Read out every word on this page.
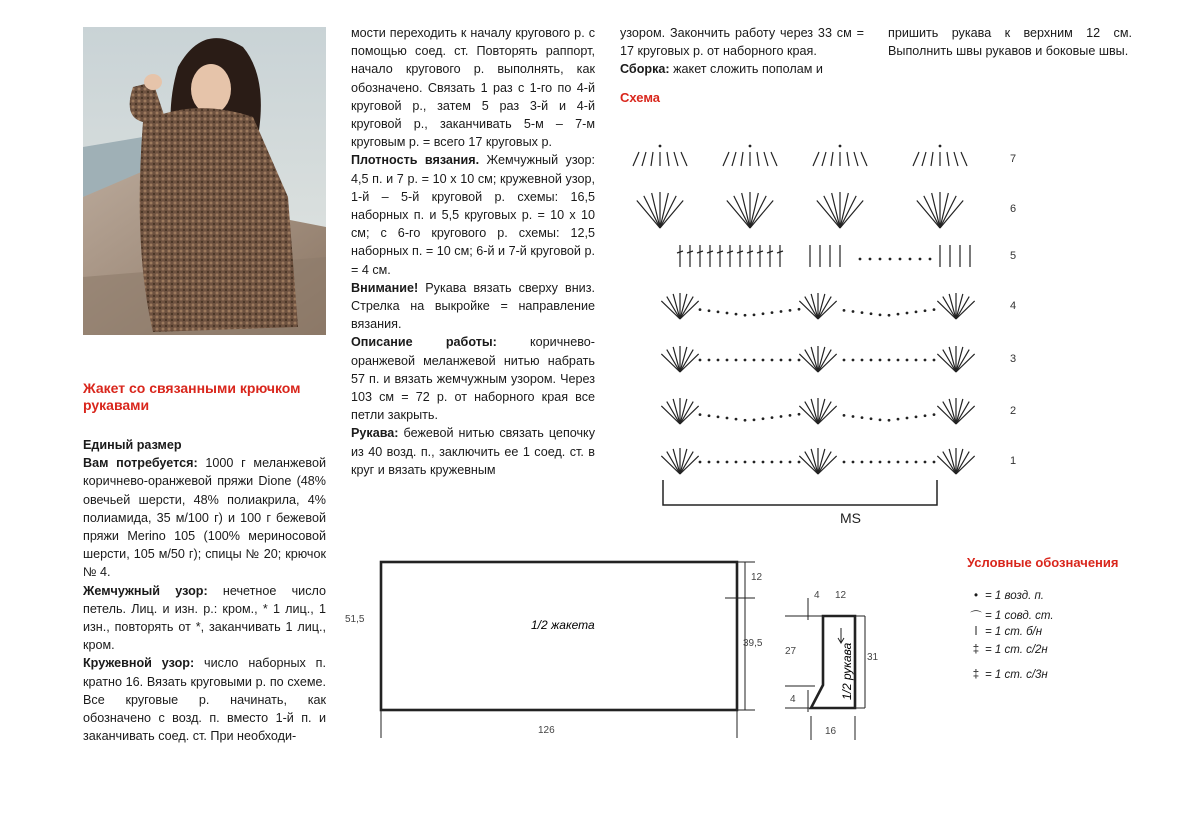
Жакет со связанными крючком рукавами

Единый размер

Вам потребуется: 1000 г меланжевой коричнево-оранжевой пряжи Dione (48% овечьей шерсти, 48% полиакрила, 4% полиамида, 35 м/100 г) и 100 г бежевой пряжи Merino 105 (100% мериносовой шерсти, 105 м/50 г); спицы № 20; крючок № 4.

Жемчужный узор: нечетное число петель. Лиц. и изн. р.: кром., * 1 лиц., 1 изн., повторять от *, заканчивать 1 лиц., кром.

Кружевной узор: число наборных п. кратно 16. Вязать круговыми р. по схеме. Все круговые р. начинать, как обозначено с возд. п. вместо 1-й п. и заканчивать соед. ст. При необходи-

мости переходить к началу кругового р. с помощью соед. ст. Повторять раппорт, начало кругового р. выполнять, как обозначено. Связать 1 раз с 1-го по 4-й круговой р., затем 5 раз 3-й и 4-й круговой р., заканчивать 5-м – 7-м круговым р. = всего 17 круговых р.

Плотность вязания. Жемчужный узор: 4,5 п. и 7 р. = 10 х 10 см; кружевной узор, 1-й – 5-й круговой р. схемы: 16,5 наборных п. и 5,5 круговых р. = 10 х 10 см; с 6-го кругового р. схемы: 12,5 наборных п. = 10 см; 6-й и 7-й круговой р. = 4 см.

Внимание! Рукава вязать сверху вниз. Стрелка на выкройке = направление вязания.

Описание работы: коричнево-оранжевой меланжевой нитью набрать 57 п. и вязать жемчужным узором. Через 103 см = 72 р. от наборного края все петли закрыть.

Рукава: бежевой нитью связать цепочку из 40 возд. п., заключить ее 1 соед. ст. в круг и вязать кружевным

узором. Закончить работу через 33 см = 17 круговых р. от наборного края.

Сборка: жакет сложить пополам и

пришить рукава к верхним 12 см. Выполнить швы рукавов и боковые швы.

Схема
7
6
5
4
3
2
1
MS
1/2 жакета
51,5
12
39,5
126
4 12
27
4
31
16
1/2 рукава
Условные обозначения
• = 1 возд. п.
⌒ = 1 совд. ст.
ǀ = 1 ст. б/н
‡ = 1 ст. с/2н
‡ = 1 ст. с/3н
